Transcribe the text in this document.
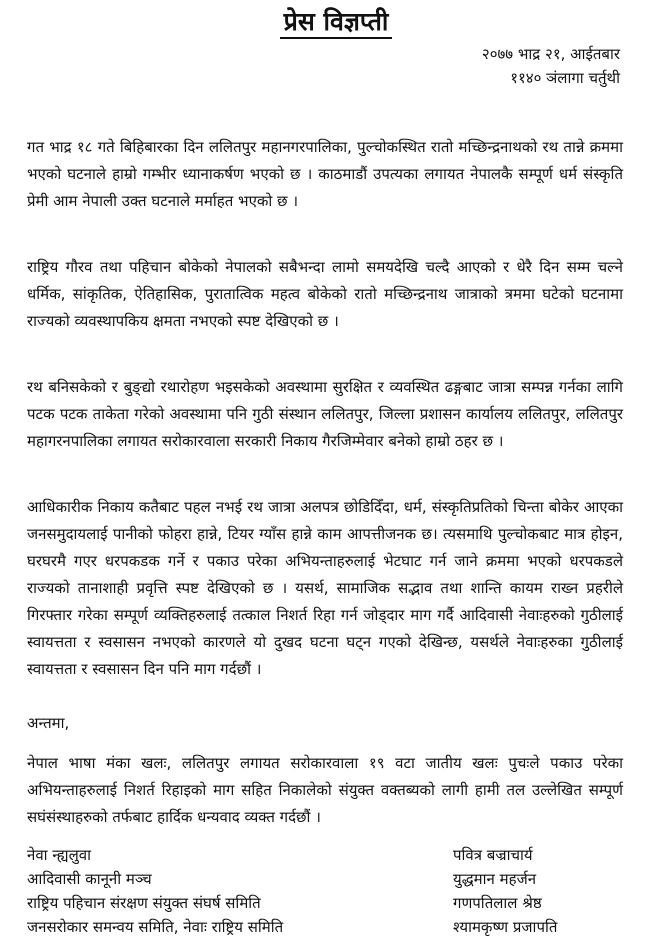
प्रेस विज्ञप्ती
२०७७ भाद्र २१, आईतबार
११४० ञंलागा चर्तुथी
गत भाद्र १८ गते बिहिबारका दिन ललितपुर महानगरपालिका, पुल्चोकस्थित रातो मच्छिन्द्रनाथको रथ तान्ने क्रममा भएको घटनाले हाम्रो गम्भीर ध्यानाकर्षण भएको छ । काठमाडौं उपत्यका लगायत नेपालकै सम्पूर्ण धर्म संस्कृति प्रेमी आम नेपाली उक्त घटनाले मर्माहत भएको छ ।
राष्ट्रिय गौरव तथा पहिचान बोकेको नेपालको सबैभन्दा लामो समयदेखि चल्दै आएको र धेरै दिन सम्म चल्ने धर्मिक, सांकृतिक, ऐतिहासिक, पुरातात्विक महत्व बोकेको रातो मच्छिन्द्रनाथ जात्राको त्रममा घटेको घटनामा राज्यको व्यवस्थापकिय क्षमता नभएको स्पष्ट देखिएको छ ।
रथ बनिसकेको र बुङ्द्यो रथारोहण भइसकेको अवस्थामा सुरक्षित र व्यवस्थित ढङ्गबाट जात्रा सम्पन्न गर्नका लागि पटक पटक ताकेता गरेको अवस्थामा पनि गुठी संस्थान ललितपुर, जिल्ला प्रशासन कार्यालय ललितपुर, ललितपुर महागरनपालिका लगायत सरोकारवाला सरकारी निकाय गैरजिम्मेवार बनेको हाम्रो ठहर छ ।
आधिकारीक निकाय कतैबाट पहल नभई रथ जात्रा अलपत्र छोडिदिँदा, धर्म, संस्कृतिप्रतिको चिन्ता बोकेर आएका जनसमुदायलाई पानीको फोहरा हान्ने, टियर ग्याँस हान्ने काम आपत्तीजनक छ। त्यसमाथि पुल्चोकबाट मात्र होइन, घरघरमै गएर धरपकडक गर्ने र पकाउ परेका अभियन्ताहरुलाई भेटघाट गर्न जाने क्रममा भएको धरपकडले राज्यको तानाशाही प्रवृत्ति स्पष्ट देखिएको छ । यसर्थ, सामाजिक सद्भाव तथा शान्ति कायम राख्न प्रहरीले गिरफ्तार गरेका सम्पूर्ण व्यक्तिहरुलाई तत्काल निशर्त रिहा गर्न जोड्दार माग गर्दै आदिवासी नेवाःहरुको गुठीलाई स्वायत्तता र स्वसासन नभएको कारणले यो दुखद घटना घट्न गएको देखिन्छ, यसर्थले नेवाःहरुका गुठीलाई स्वायत्तता र स्वसासन दिन पनि माग गर्दछौं ।
अन्तमा,
नेपाल भाषा मंका खलः, ललितपुर लगायत सरोकारवाला १९ वटा जातीय खलः पुचःले पकाउ परेका अभियन्ताहरुलाई निशर्त रिहाइको माग सहित निकालेको संयुक्त वक्तब्यको लागी हामी तल उल्लेखित सम्पूर्ण सघंसंस्थाहरुको तर्फबाट हार्दिक धन्यवाद व्यक्त गर्दछौं ।
नेवा न्ह्यलुवा	पवित्र बज्राचार्य
आदिवासी कानूनी मञ्च	युद्धमान महर्जन
राष्ट्रिय पहिचान संरक्षण संयुक्त संघर्ष समिति	गणपतिलाल श्रेष्ठ
जनसरोकार समन्वय समिति, नेवाः राष्ट्रिय समिति	श्यामकृष्ण प्रजापति
